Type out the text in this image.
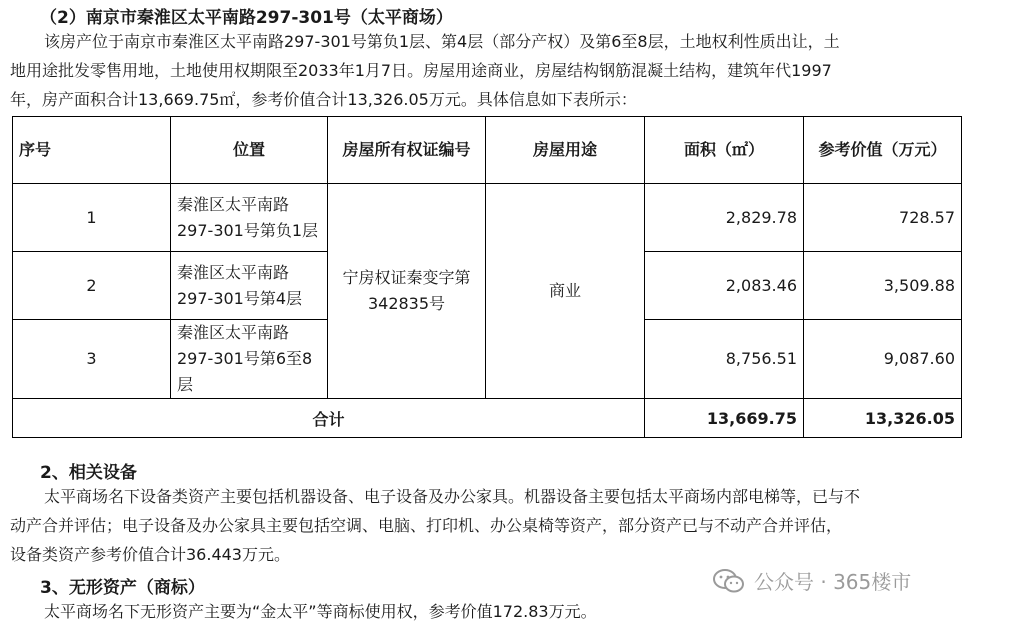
（2）南京市秦淮区太平南路297-301号（太平商场）
该房产位于南京市秦淮区太平南路297-301号第负1层、第4层（部分产权）及第6至8层，土地权利性质出让，土
地用途批发零售用地，土地使用权期限至2033年1月7日。房屋用途商业，房屋结构钢筋混凝土结构，建筑年代1997
年，房产面积合计13,669.75㎡，参考价值合计13,326.05万元。具体信息如下表所示：
序号	位置	房屋所有权证编号	房屋用途	面积（㎡）	参考价值（万元）
1	秦淮区太平南路297-301号第负1层	宁房权证秦变字第342835号	商业	2,829.78	728.57
2	秦淮区太平南路297-301号第4层			2,083.46	3,509.88
3	秦淮区太平南路297-301号第6至8层			8,756.51	9,087.60
合计				13,669.75	13,326.05
2、相关设备
太平商场名下设备类资产主要包括机器设备、电子设备及办公家具。机器设备主要包括太平商场内部电梯等，已与不
动产合并评估；电子设备及办公家具主要包括空调、电脑、打印机、办公桌椅等资产，部分资产已与不动产合并评估，
设备类资产参考价值合计36.443万元。
3、无形资产（商标）
太平商场名下无形资产主要为“金太平”等商标使用权，参考价值172.83万元。
公众号 · 365楼市
